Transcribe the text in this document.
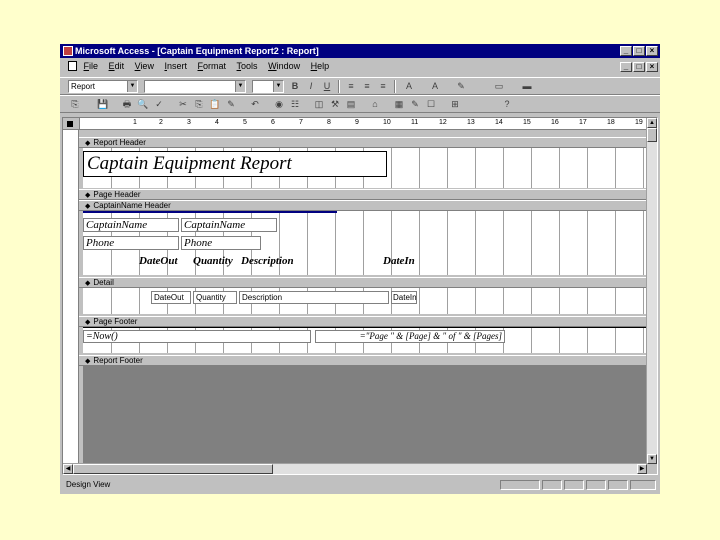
Microsoft Access - [Captain Equipment Report2 : Report]	_	□	×
File Edit View Insert Format Tools Window Help	_	□	×
Report	▼	▼	▼	B	I	U	≡	≡	≡	A	A	✎	▭	▬
⎘	💾	🖶 🔍 ✓	✂ ⎘ 📋 ✎	↶	◉ ☷	◫ ⚒ ▤	⌂	▦ ✎ ☐	⊞	?
1	2	3	4	5	6	7	8	9	10	11	12	13	14	15	16	17	18	19
◆ Report Header
Captain Equipment Report
◆ Page Header
◆ CaptainName Header
CaptainName	CaptainName
Phone	Phone
DateOut Quantity Description	DateIn
◆ Detail
DateOut Quantity Description	DateIn
◆ Page Footer
=Now()	="Page " & [Page] & " of " & [Pages]
◆ Report Footer
▲
▼
◀	▶
Design View
